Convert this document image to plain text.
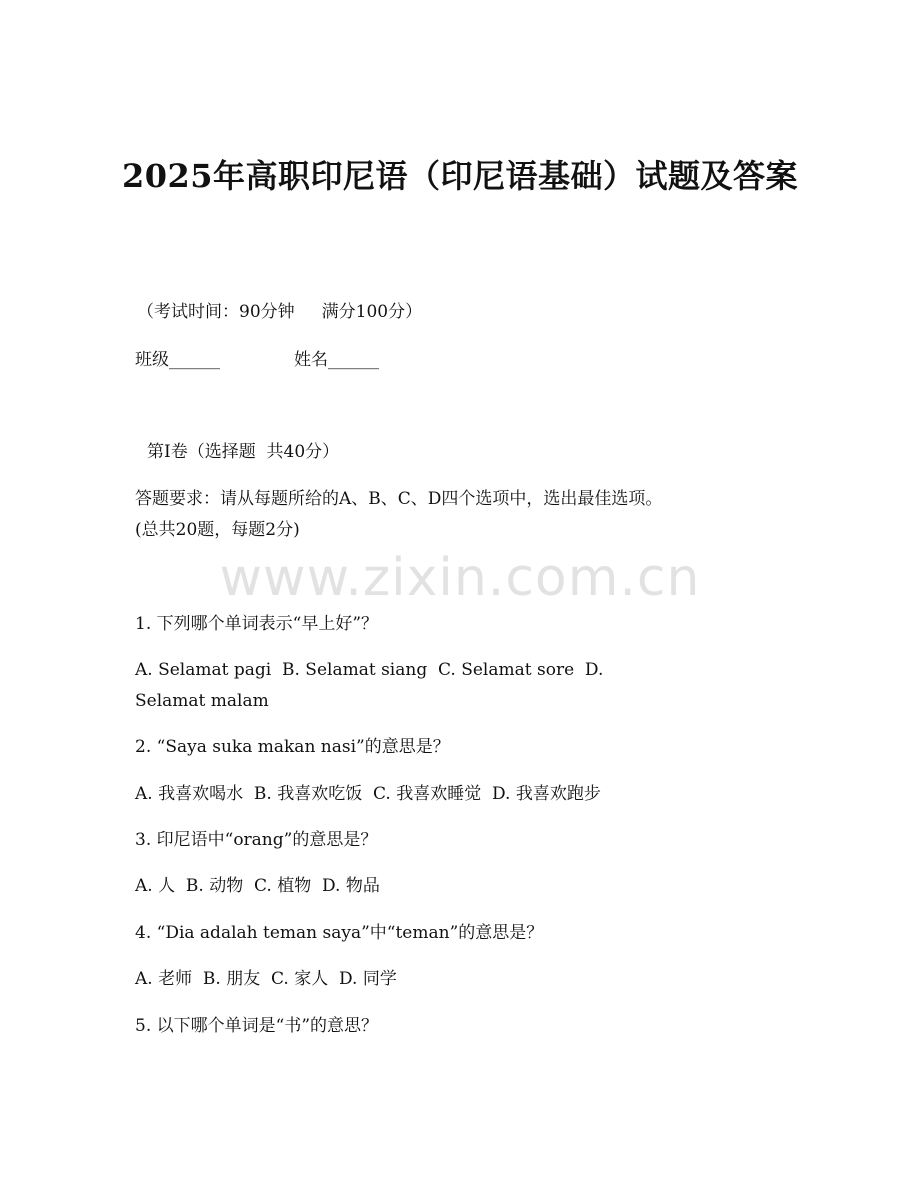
2025年高职印尼语（印尼语基础）试题及答案
（考试时间：90分钟     满分100分）
班级______	姓名______
第Ⅰ卷（选择题  共40分）
答题要求：请从每题所给的A、B、C、D四个选项中，选出最佳选项。
(总共20题，每题2分)
www.zixin.com.cn
1. 下列哪个单词表示“早上好”？
A. Selamat pagi  B. Selamat siang  C. Selamat sore  D.
Selamat malam
2. “Saya suka makan nasi”的意思是？
A. 我喜欢喝水  B. 我喜欢吃饭  C. 我喜欢睡觉  D. 我喜欢跑步
3. 印尼语中“orang”的意思是？
A. 人  B. 动物  C. 植物  D. 物品
4. “Dia adalah teman saya”中“teman”的意思是？
A. 老师  B. 朋友  C. 家人  D. 同学
5. 以下哪个单词是“书”的意思？
